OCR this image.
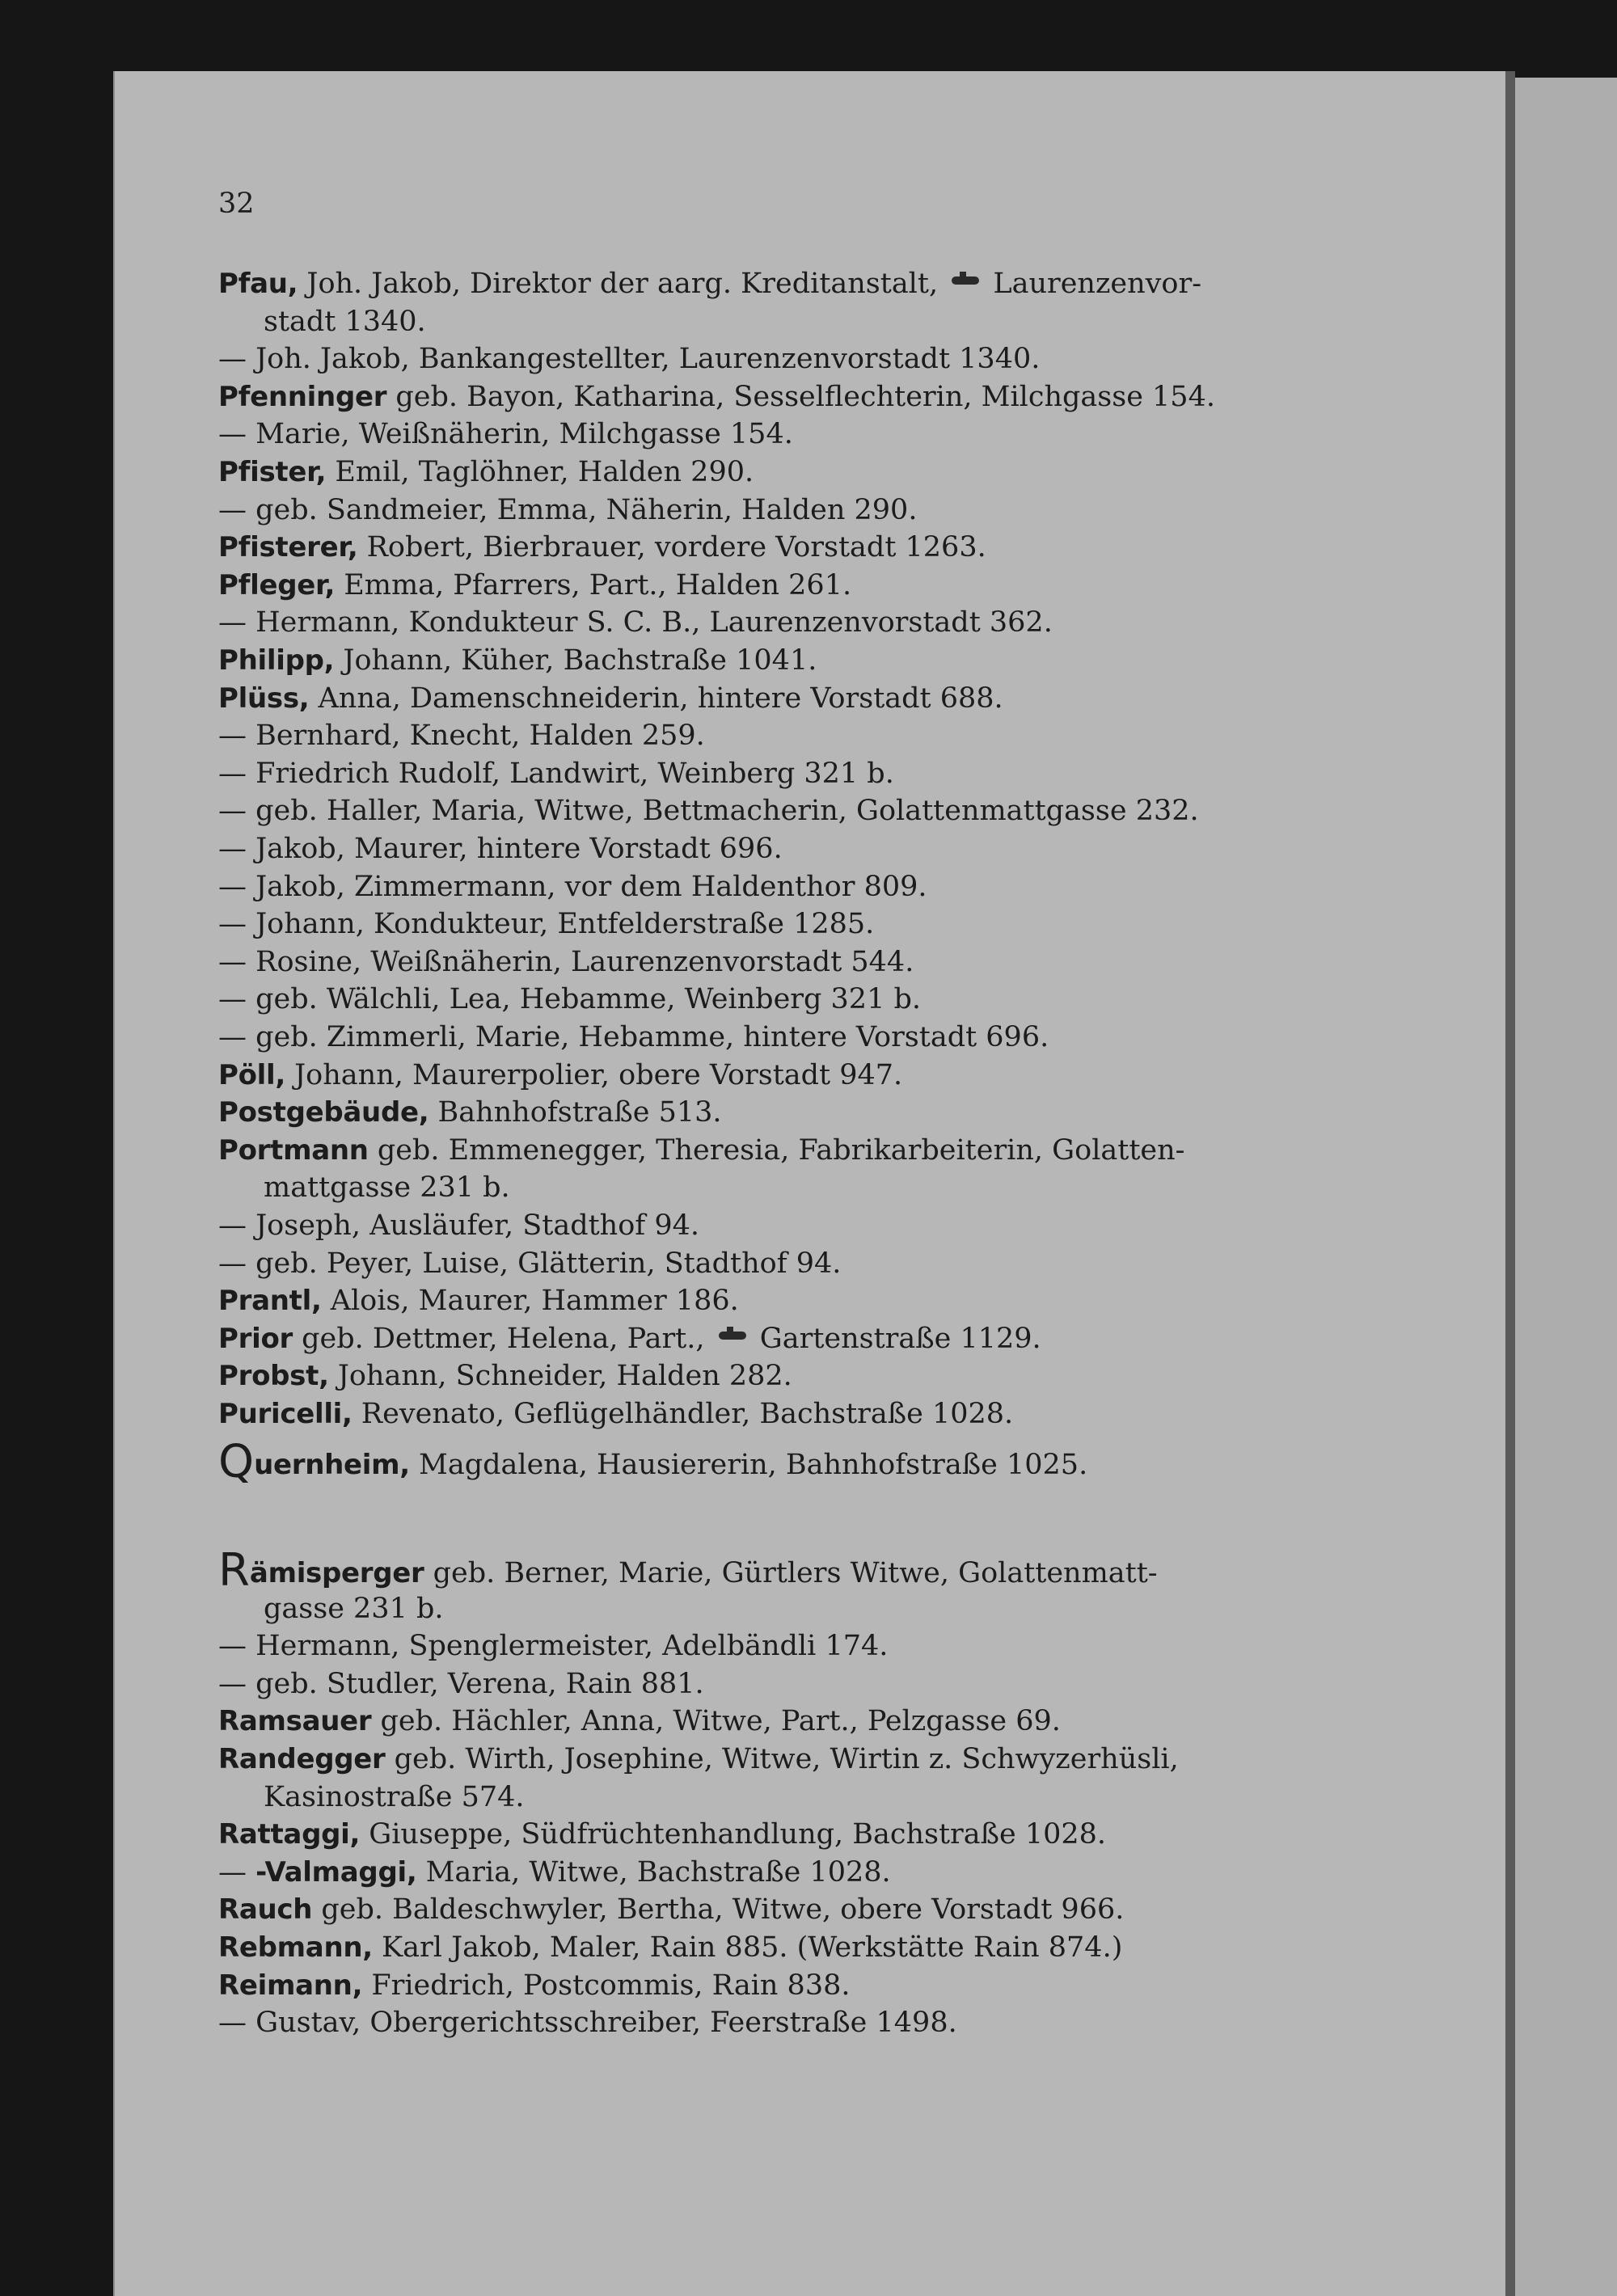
32
Pfau, Joh. Jakob, Direktor der aarg. Kreditanstalt,  Laurenzenvor-
stadt 1340.
— Joh. Jakob, Bankangestellter, Laurenzenvorstadt 1340.
Pfenninger geb. Bayon, Katharina, Sesselflechterin, Milchgasse 154.
— Marie, Weißnäherin, Milchgasse 154.
Pfister, Emil, Taglöhner, Halden 290.
— geb. Sandmeier, Emma, Näherin, Halden 290.
Pfisterer, Robert, Bierbrauer, vordere Vorstadt 1263.
Pfleger, Emma, Pfarrers, Part., Halden 261.
— Hermann, Kondukteur S. C. B., Laurenzenvorstadt 362.
Philipp, Johann, Küher, Bachstraße 1041.
Plüss, Anna, Damenschneiderin, hintere Vorstadt 688.
— Bernhard, Knecht, Halden 259.
— Friedrich Rudolf, Landwirt, Weinberg 321 b.
— geb. Haller, Maria, Witwe, Bettmacherin, Golattenmattgasse 232.
— Jakob, Maurer, hintere Vorstadt 696.
— Jakob, Zimmermann, vor dem Haldenthor 809.
— Johann, Kondukteur, Entfelderstraße 1285.
— Rosine, Weißnäherin, Laurenzenvorstadt 544.
— geb. Wälchli, Lea, Hebamme, Weinberg 321 b.
— geb. Zimmerli, Marie, Hebamme, hintere Vorstadt 696.
Pöll, Johann, Maurerpolier, obere Vorstadt 947.
Postgebäude, Bahnhofstraße 513.
Portmann geb. Emmenegger, Theresia, Fabrikarbeiterin, Golatten-
mattgasse 231 b.
— Joseph, Ausläufer, Stadthof 94.
— geb. Peyer, Luise, Glätterin, Stadthof 94.
Prantl, Alois, Maurer, Hammer 186.
Prior geb. Dettmer, Helena, Part.,  Gartenstraße 1129.
Probst, Johann, Schneider, Halden 282.
Puricelli, Revenato, Geflügelhändler, Bachstraße 1028.
Quernheim, Magdalena, Hausiererin, Bahnhofstraße 1025.
Rämisperger geb. Berner, Marie, Gürtlers Witwe, Golattenmatt-
gasse 231 b.
— Hermann, Spenglermeister, Adelbändli 174.
— geb. Studler, Verena, Rain 881.
Ramsauer geb. Hächler, Anna, Witwe, Part., Pelzgasse 69.
Randegger geb. Wirth, Josephine, Witwe, Wirtin z. Schwyzerhüsli,
Kasinostraße 574.
Rattaggi, Giuseppe, Südfrüchtenhandlung, Bachstraße 1028.
— -Valmaggi, Maria, Witwe, Bachstraße 1028.
Rauch geb. Baldeschwyler, Bertha, Witwe, obere Vorstadt 966.
Rebmann, Karl Jakob, Maler, Rain 885. (Werkstätte Rain 874.)
Reimann, Friedrich, Postcommis, Rain 838.
— Gustav, Obergerichtsschreiber, Feerstraße 1498.
